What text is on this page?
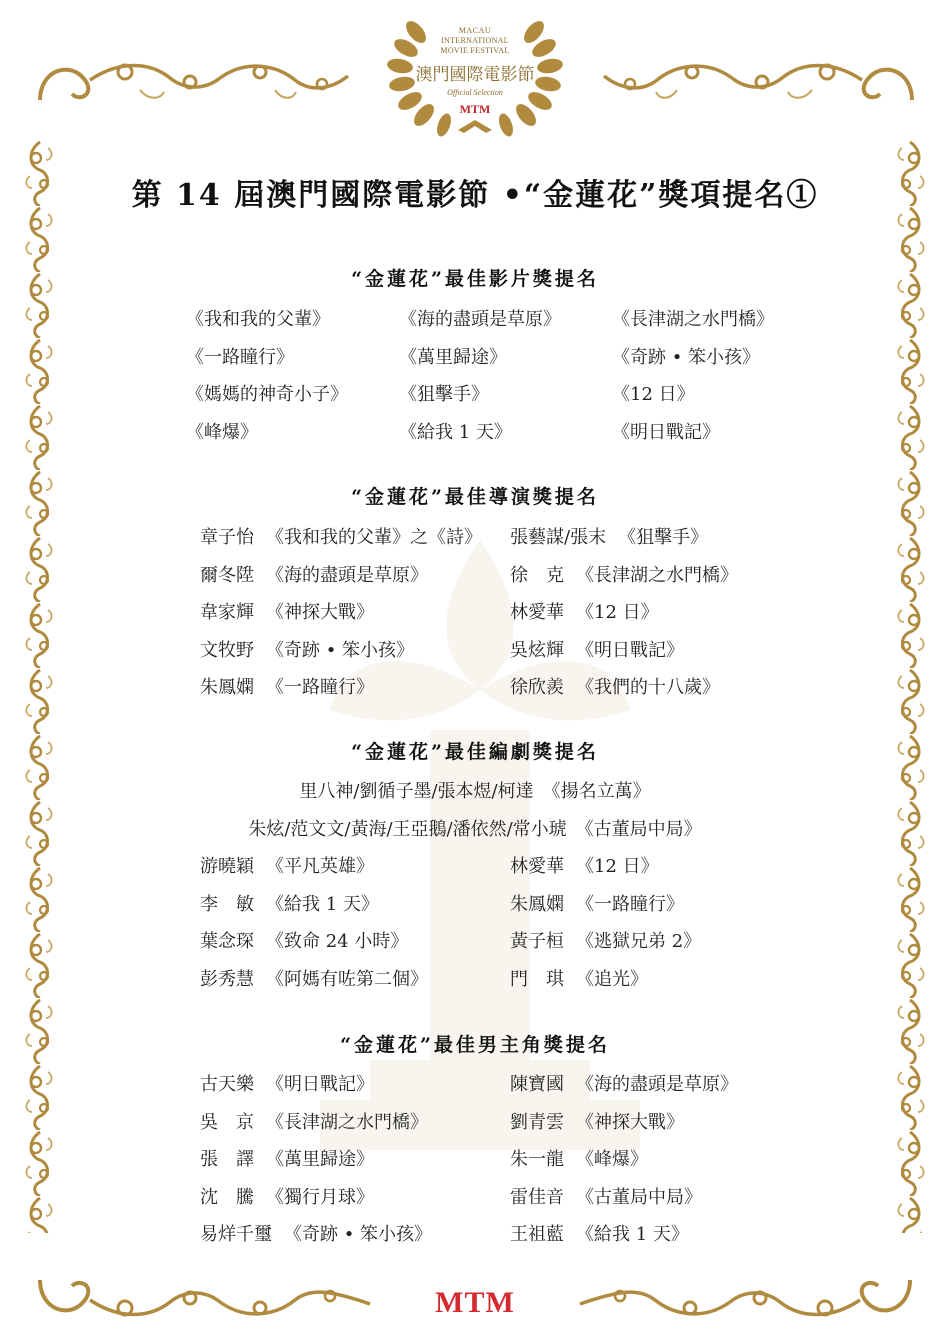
MACAU
INTERNATIONAL
MOVIE FESTIVAL
澳門國際電影節
Official Selection
MTM
第 14 屆澳門國際電影節 •“金蓮花”獎項提名①
“金蓮花”最佳影片獎提名
《我和我的父輩》	《海的盡頭是草原》	《長津湖之水門橋》
《一路瞳行》	《萬里歸途》	《奇跡 • 笨小孩》
《媽媽的神奇小子》	《狙擊手》	《12 日》
《峰爆》	《給我 1 天》	《明日戰記》
“金蓮花”最佳導演獎提名
章子怡 《我和我的父輩》之《詩》	張藝謀/張末 《狙擊手》
爾冬陞 《海的盡頭是草原》	徐　克 《長津湖之水門橋》
韋家輝 《神探大戰》	林愛華 《12 日》
文牧野 《奇跡 • 笨小孩》	吳炫輝 《明日戰記》
朱鳳嫻 《一路瞳行》	徐欣羨 《我們的十八歲》
“金蓮花”最佳編劇獎提名
里八神/劉循子墨/張本煜/柯達　《揚名立萬》
朱炫/范文文/黃海/王亞鵝/潘依然/常小琥　《古董局中局》
游曉穎 《平凡英雄》	林愛華 《12 日》
李　敏 《給我 1 天》	朱鳳嫻 《一路瞳行》
葉念琛 《致命 24 小時》	黃子桓 《逃獄兄弟 2》
彭秀慧 《阿媽有咗第二個》	門　琪 《追光》
“金蓮花”最佳男主角獎提名
古天樂 《明日戰記》	陳寶國 《海的盡頭是草原》
吳　京 《長津湖之水門橋》	劉青雲 《神探大戰》
張　譯 《萬里歸途》	朱一龍 《峰爆》
沈　騰 《獨行月球》	雷佳音 《古董局中局》
易烊千璽 《奇跡 • 笨小孩》	王祖藍 《給我 1 天》
MTM
